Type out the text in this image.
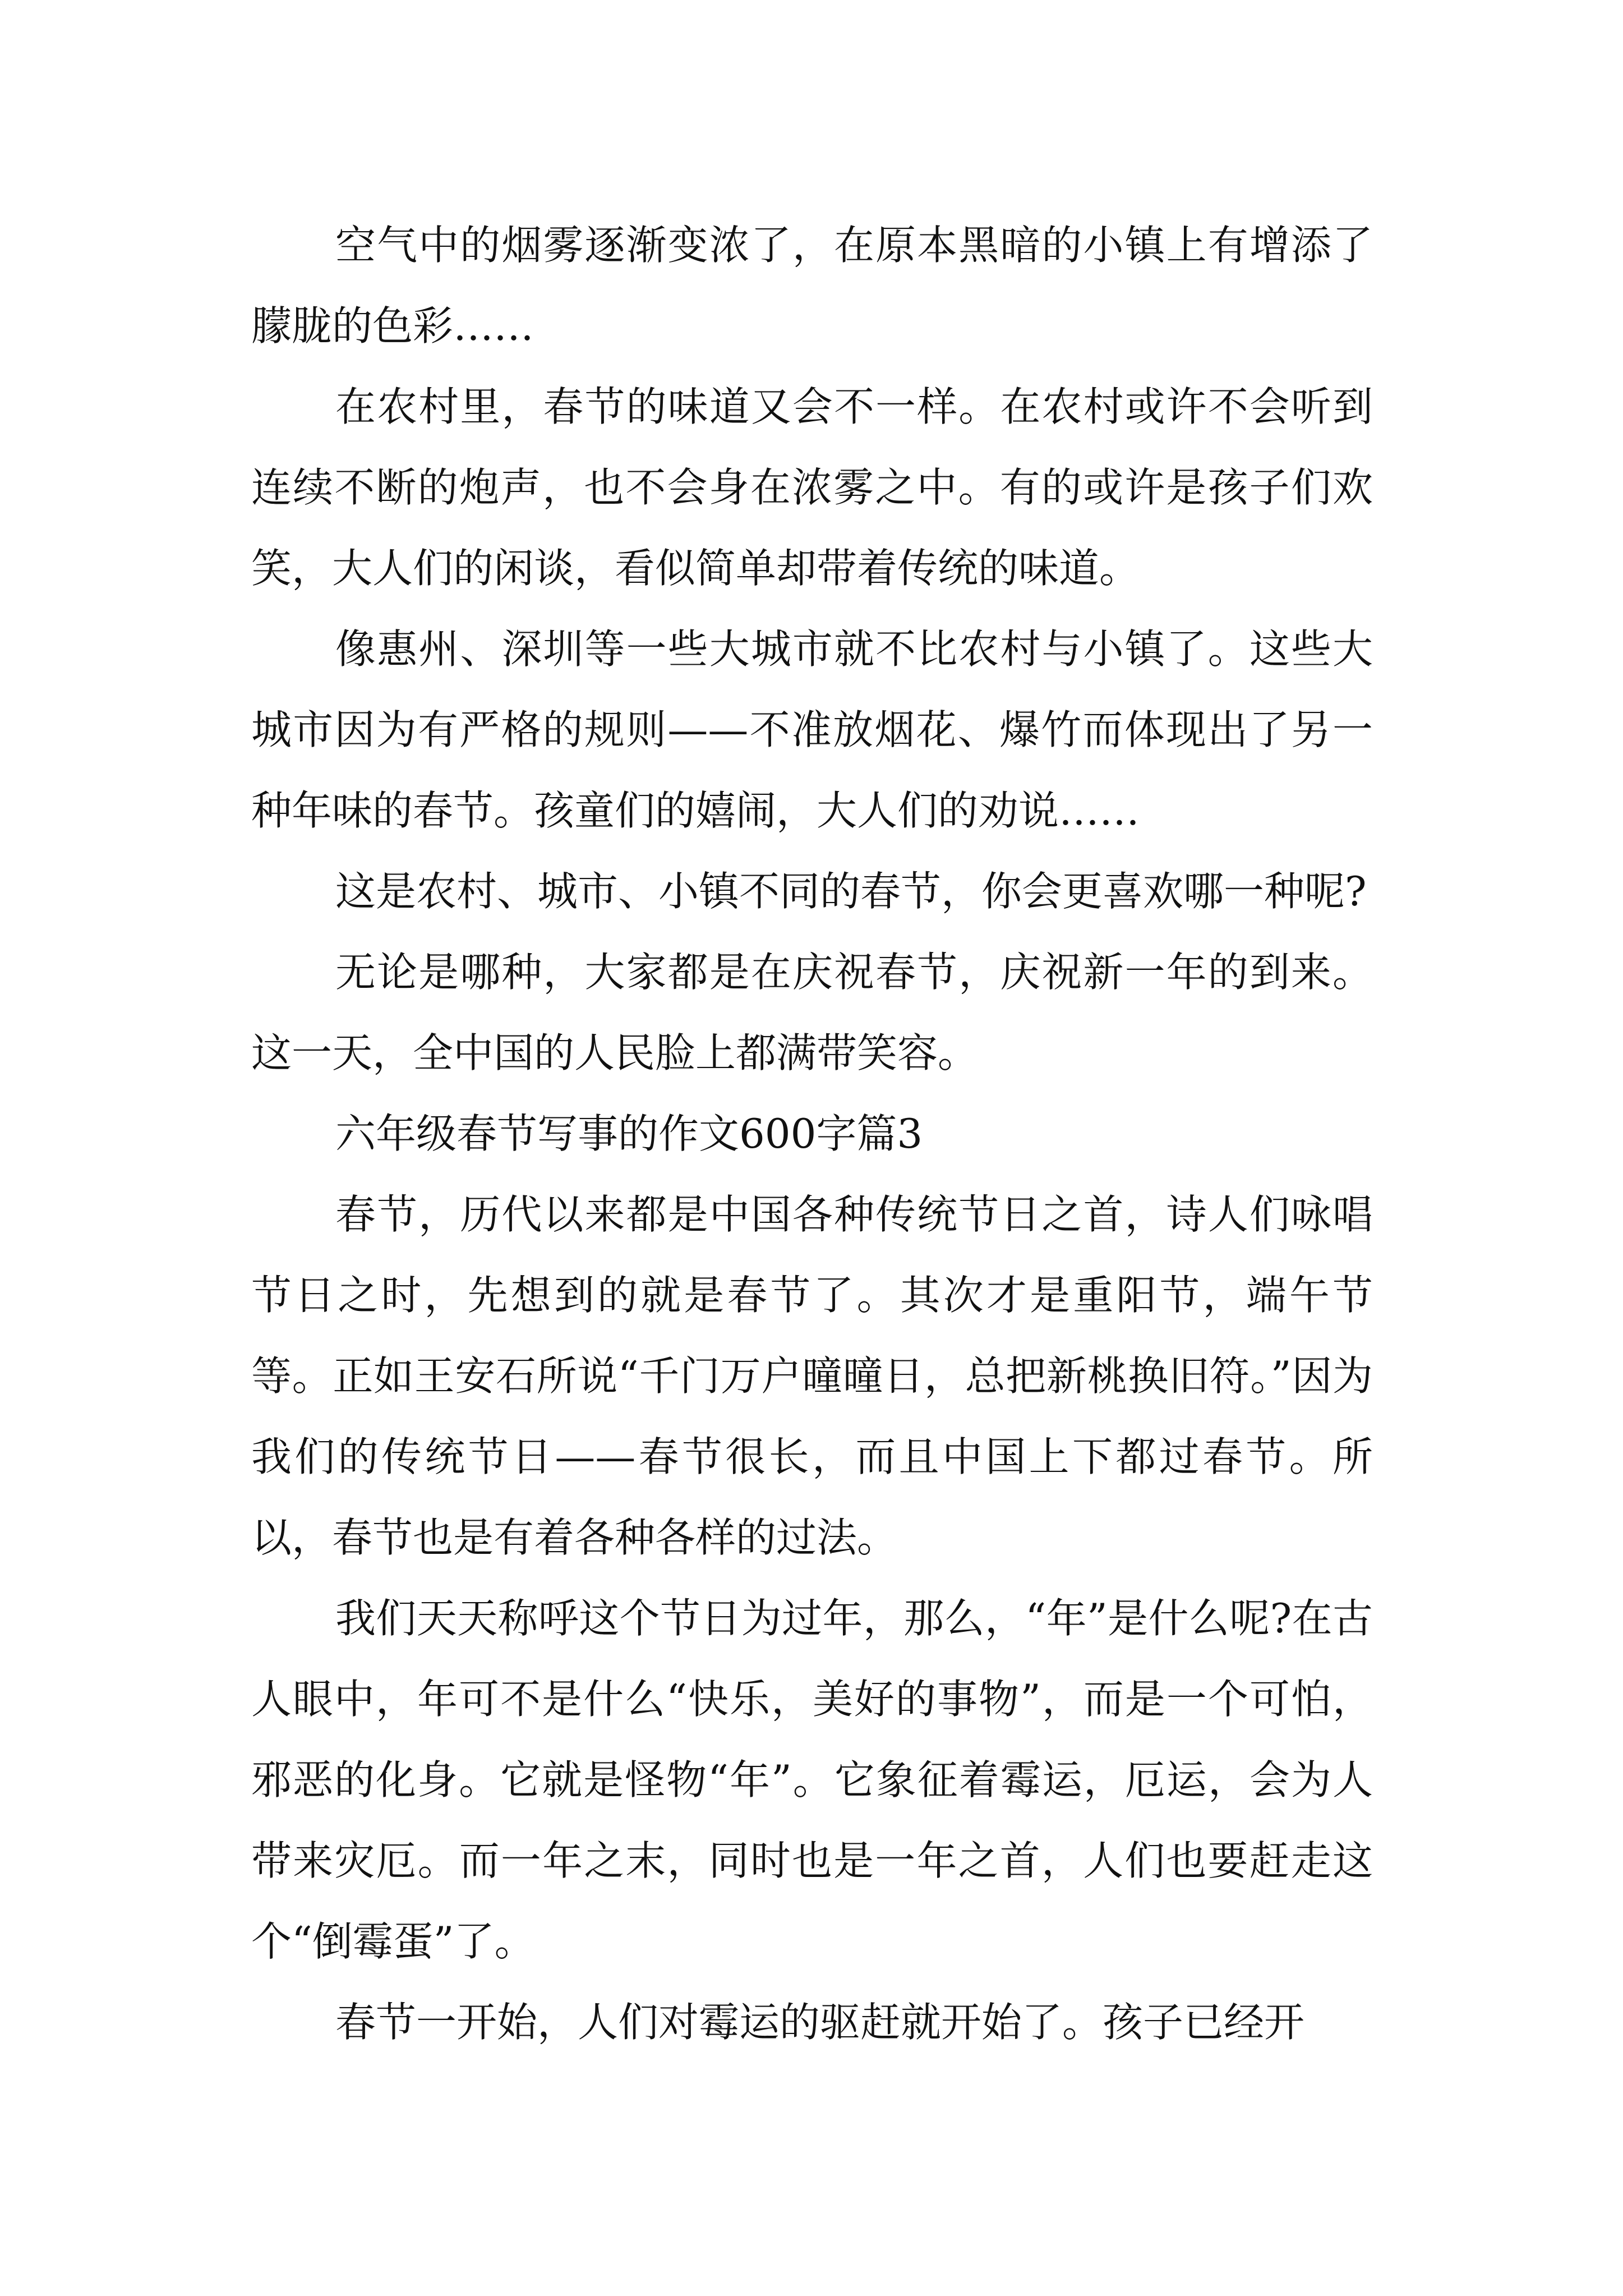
空气中的烟雾逐渐变浓了，在原本黑暗的小镇上有增添了朦胧的色彩……

在农村里，春节的味道又会不一样。在农村或许不会听到连续不断的炮声，也不会身在浓雾之中。有的或许是孩子们欢笑，大人们的闲谈，看似简单却带着传统的味道。

像惠州、深圳等一些大城市就不比农村与小镇了。这些大城市因为有严格的规则——不准放烟花、爆竹而体现出了另一种年味的春节。孩童们的嬉闹，大人们的劝说……

这是农村、城市、小镇不同的春节，你会更喜欢哪一种呢?

无论是哪种，大家都是在庆祝春节，庆祝新一年的到来。这一天，全中国的人民脸上都满带笑容。

六年级春节写事的作文600字篇3

春节，历代以来都是中国各种传统节日之首，诗人们咏唱节日之时，先想到的就是春节了。其次才是重阳节，端午节等。正如王安石所说“千门万户曈曈日，总把新桃换旧符。”因为我们的传统节日——春节很长，而且中国上下都过春节。所以，春节也是有着各种各样的过法。

我们天天称呼这个节日为过年，那么，“年”是什么呢?在古人眼中，年可不是什么“快乐，美好的事物”，而是一个可怕，邪恶的化身。它就是怪物“年”。它象征着霉运，厄运，会为人带来灾厄。而一年之末，同时也是一年之首，人们也要赶走这个“倒霉蛋”了。

春节一开始，人们对霉运的驱赶就开始了。孩子已经开
